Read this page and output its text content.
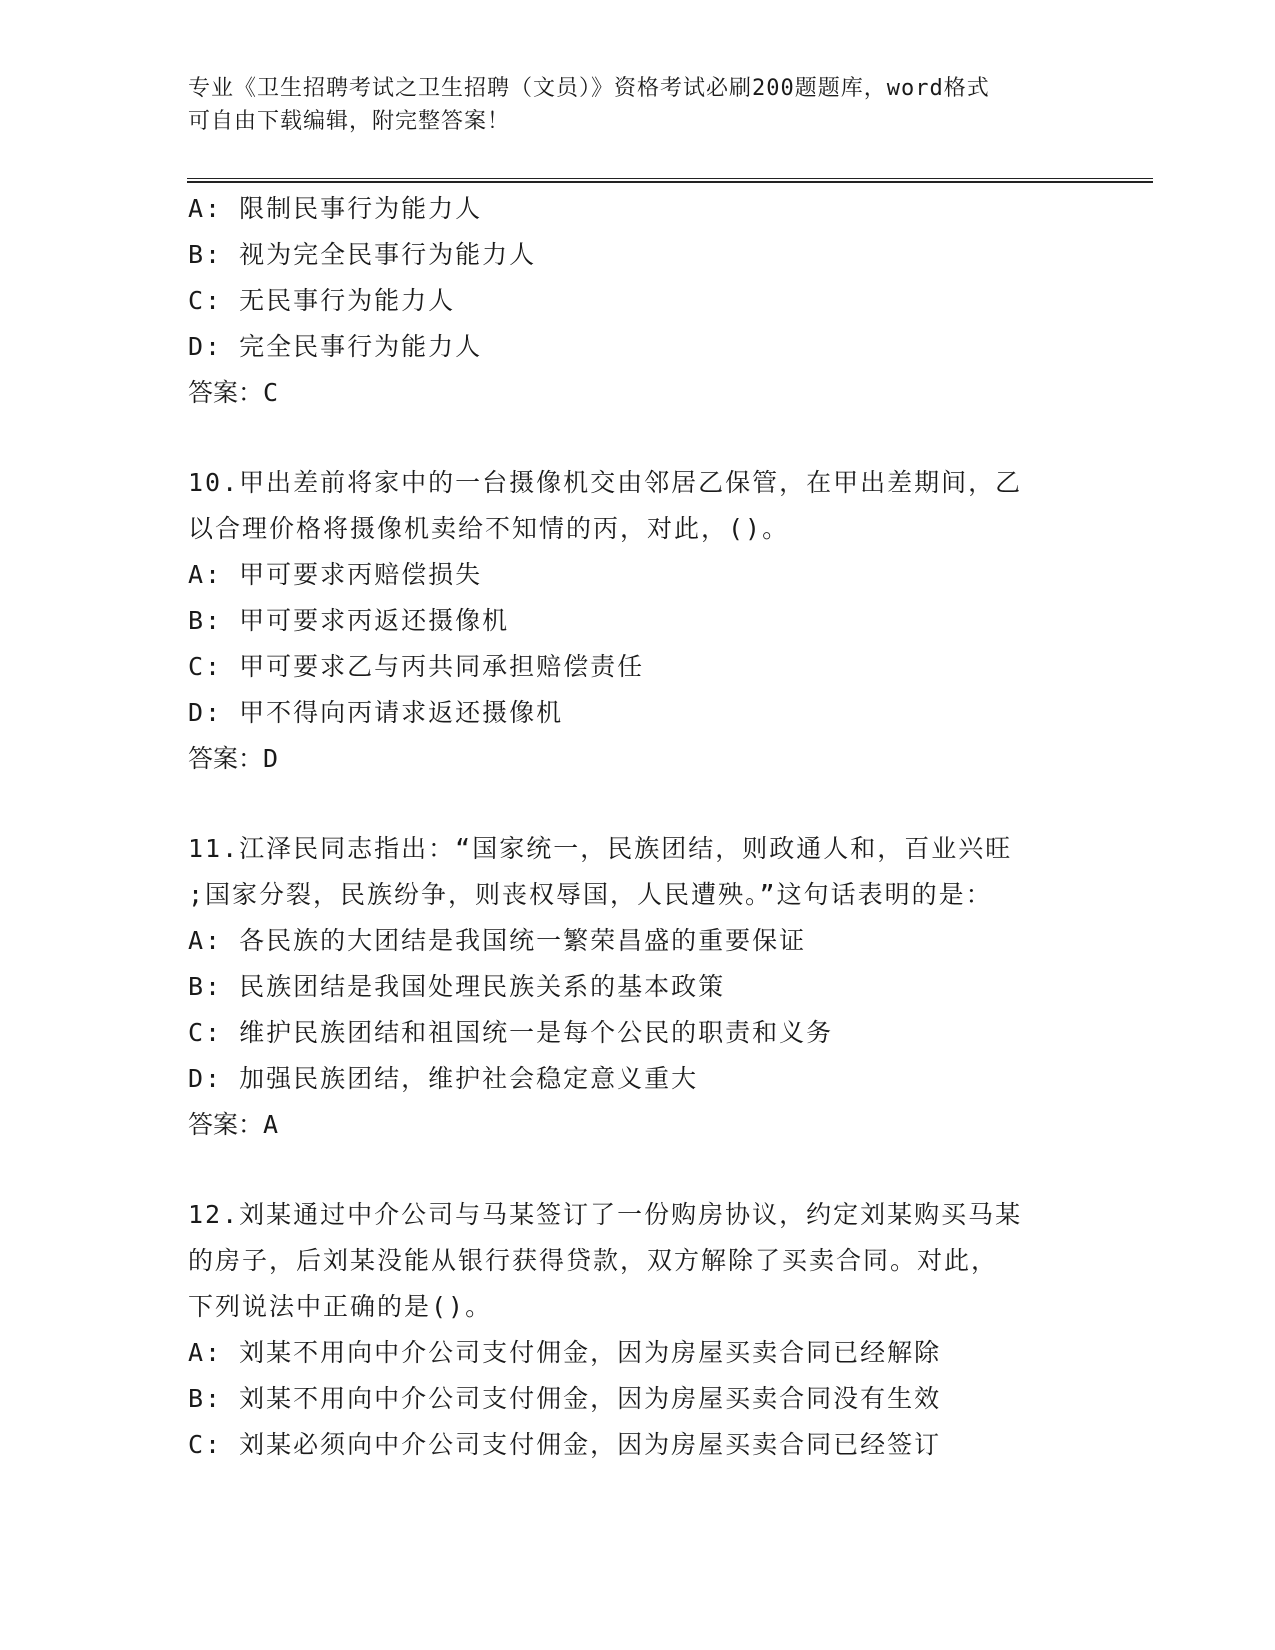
专业《卫生招聘考试之卫生招聘（文员）》资格考试必刷200题题库，word格式
可自由下载编辑，附完整答案！
A: 限制民事行为能力人
B: 视为完全民事行为能力人
C: 无民事行为能力人
D: 完全民事行为能力人
答案：C
10.甲出差前将家中的一台摄像机交由邻居乙保管，在甲出差期间，乙
以合理价格将摄像机卖给不知情的丙，对此，()。
A: 甲可要求丙赔偿损失
B: 甲可要求丙返还摄像机
C: 甲可要求乙与丙共同承担赔偿责任
D: 甲不得向丙请求返还摄像机
答案：D
11.江泽民同志指出：“国家统一，民族团结，则政通人和，百业兴旺
;国家分裂，民族纷争，则丧权辱国，人民遭殃。”这句话表明的是：
A: 各民族的大团结是我国统一繁荣昌盛的重要保证
B: 民族团结是我国处理民族关系的基本政策
C: 维护民族团结和祖国统一是每个公民的职责和义务
D: 加强民族团结，维护社会稳定意义重大
答案：A
12.刘某通过中介公司与马某签订了一份购房协议，约定刘某购买马某
的房子，后刘某没能从银行获得贷款，双方解除了买卖合同。对此，
下列说法中正确的是()。
A: 刘某不用向中介公司支付佣金，因为房屋买卖合同已经解除
B: 刘某不用向中介公司支付佣金，因为房屋买卖合同没有生效
C: 刘某必须向中介公司支付佣金，因为房屋买卖合同已经签订
